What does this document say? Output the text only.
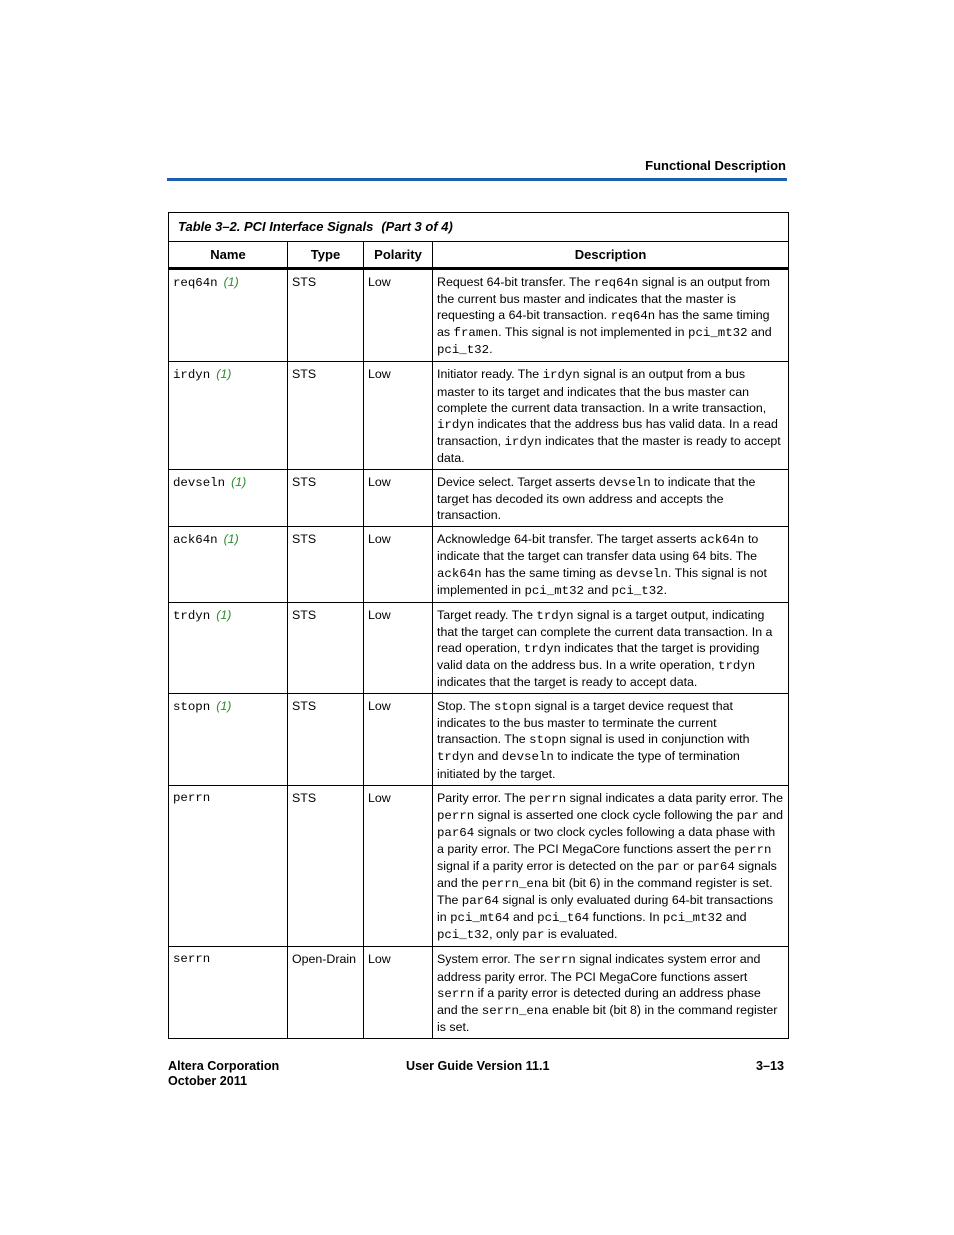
Functional Description
Table 3–2. PCI Interface Signals (Part 3 of 4)			
Name	Type	Polarity	Description
req64n (1)	STS	Low	Request 64-bit transfer. The req64n signal is an output from the current bus master and indicates that the master is requesting a 64-bit transaction. req64n has the same timing as framen. This signal is not implemented in pci_mt32 and pci_t32.
irdyn (1)	STS	Low	Initiator ready. The irdyn signal is an output from a bus master to its target and indicates that the bus master can complete the current data transaction. In a write transaction, irdyn indicates that the address bus has valid data. In a read transaction, irdyn indicates that the master is ready to accept data.
devseln (1)	STS	Low	Device select. Target asserts devseln to indicate that the target has decoded its own address and accepts the transaction.
ack64n (1)	STS	Low	Acknowledge 64-bit transfer. The target asserts ack64n to indicate that the target can transfer data using 64 bits. The ack64n has the same timing as devseln. This signal is not implemented in pci_mt32 and pci_t32.
trdyn (1)	STS	Low	Target ready. The trdyn signal is a target output, indicating that the target can complete the current data transaction. In a read operation, trdyn indicates that the target is providing valid data on the address bus. In a write operation, trdyn indicates that the target is ready to accept data.
stopn (1)	STS	Low	Stop. The stopn signal is a target device request that indicates to the bus master to terminate the current transaction. The stopn signal is used in conjunction with trdyn and devseln to indicate the type of termination initiated by the target.
perrn	STS	Low	Parity error. The perrn signal indicates a data parity error. The perrn signal is asserted one clock cycle following the par and par64 signals or two clock cycles following a data phase with a parity error. The PCI MegaCore functions assert the perrn signal if a parity error is detected on the par or par64 signals and the perrn_ena bit (bit 6) in the command register is set. The par64 signal is only evaluated during 64-bit transactions in pci_mt64 and pci_t64 functions. In pci_mt32 and pci_t32, only par is evaluated.
serrn	Open-Drain	Low	System error. The serrn signal indicates system error and address parity error. The PCI MegaCore functions assert serrn if a parity error is detected during an address phase and the serrn_ena enable bit (bit 8) in the command register is set.
Altera Corporation
October 2011
User Guide Version 11.1	3–13
